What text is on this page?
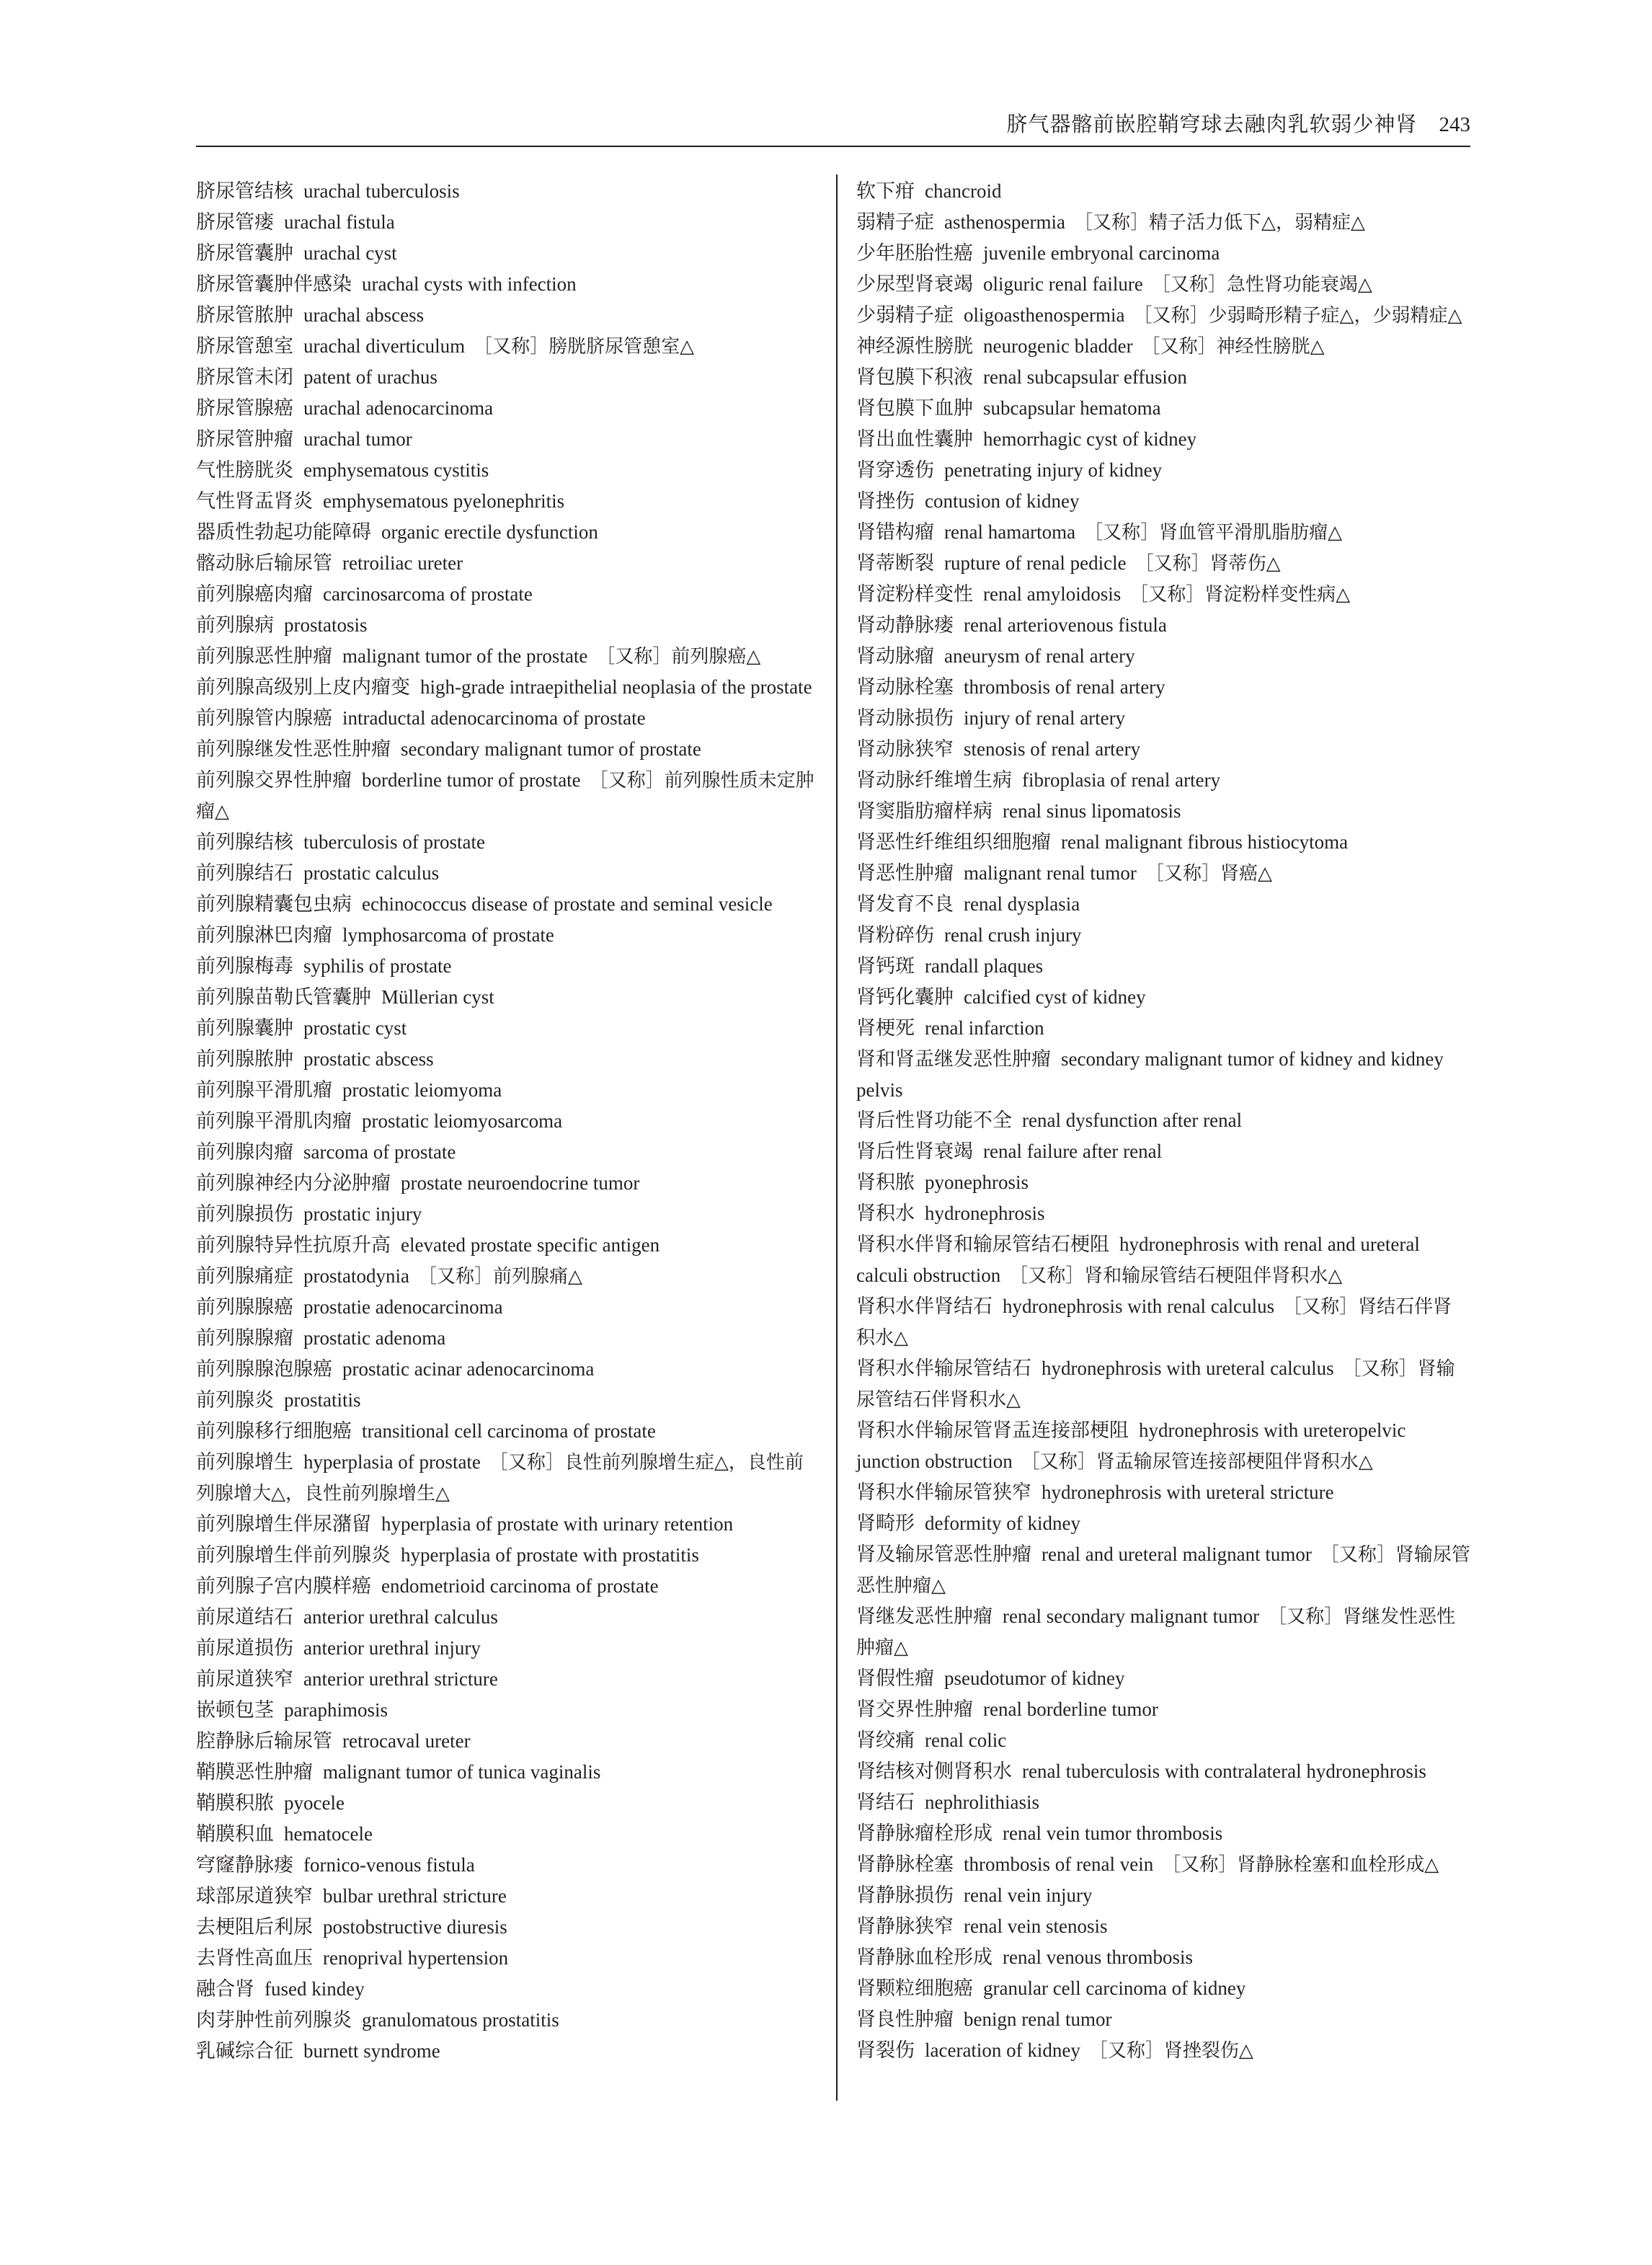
脐气器髂前嵌腔鞘穹球去融肉乳软弱少神肾 243
脐尿管结核 urachal tuberculosis
脐尿管瘘 urachal fistula
脐尿管囊肿 urachal cyst
脐尿管囊肿伴感染 urachal cysts with infection
脐尿管脓肿 urachal abscess
脐尿管憩室 urachal diverticulum ［又称］膀胱脐尿管憩室△
脐尿管未闭 patent of urachus
脐尿管腺癌 urachal adenocarcinoma
脐尿管肿瘤 urachal tumor
气性膀胱炎 emphysematous cystitis
气性肾盂肾炎 emphysematous pyelonephritis
器质性勃起功能障碍 organic erectile dysfunction
髂动脉后输尿管 retroiliac ureter
前列腺癌肉瘤 carcinosarcoma of prostate
前列腺病 prostatosis
前列腺恶性肿瘤 malignant tumor of the prostate ［又称］前列腺癌△
前列腺高级别上皮内瘤变 high-grade intraepithelial neoplasia of the prostate
前列腺管内腺癌 intraductal adenocarcinoma of prostate
前列腺继发性恶性肿瘤 secondary malignant tumor of prostate
前列腺交界性肿瘤 borderline tumor of prostate ［又称］前列腺性质未定肿瘤△
前列腺结核 tuberculosis of prostate
前列腺结石 prostatic calculus
前列腺精囊包虫病 echinococcus disease of prostate and seminal vesicle
前列腺淋巴肉瘤 lymphosarcoma of prostate
前列腺梅毒 syphilis of prostate
前列腺苗勒氏管囊肿 Müllerian cyst
前列腺囊肿 prostatic cyst
前列腺脓肿 prostatic abscess
前列腺平滑肌瘤 prostatic leiomyoma
前列腺平滑肌肉瘤 prostatic leiomyosarcoma
前列腺肉瘤 sarcoma of prostate
前列腺神经内分泌肿瘤 prostate neuroendocrine tumor
前列腺损伤 prostatic injury
前列腺特异性抗原升高 elevated prostate specific antigen
前列腺痛症 prostatodynia ［又称］前列腺痛△
前列腺腺癌 prostatie adenocarcinoma
前列腺腺瘤 prostatic adenoma
前列腺腺泡腺癌 prostatic acinar adenocarcinoma
前列腺炎 prostatitis
前列腺移行细胞癌 transitional cell carcinoma of prostate
前列腺增生 hyperplasia of prostate ［又称］良性前列腺增生症△，良性前列腺增大△，良性前列腺增生△
前列腺增生伴尿潴留 hyperplasia of prostate with urinary retention
前列腺增生伴前列腺炎 hyperplasia of prostate with prostatitis
前列腺子宫内膜样癌 endometrioid carcinoma of prostate
前尿道结石 anterior urethral calculus
前尿道损伤 anterior urethral injury
前尿道狭窄 anterior urethral stricture
嵌顿包茎 paraphimosis
腔静脉后输尿管 retrocaval ureter
鞘膜恶性肿瘤 malignant tumor of tunica vaginalis
鞘膜积脓 pyocele
鞘膜积血 hematocele
穹窿静脉瘘 fornico-venous fistula
球部尿道狭窄 bulbar urethral stricture
去梗阻后利尿 postobstructive diuresis
去肾性高血压 renoprival hypertension
融合肾 fused kindey
肉芽肿性前列腺炎 granulomatous prostatitis
乳碱综合征 burnett syndrome
软下疳 chancroid
弱精子症 asthenospermia ［又称］精子活力低下△，弱精症△
少年胚胎性癌 juvenile embryonal carcinoma
少尿型肾衰竭 oliguric renal failure ［又称］急性肾功能衰竭△
少弱精子症 oligoasthenospermia ［又称］少弱畸形精子症△，少弱精症△
神经源性膀胱 neurogenic bladder ［又称］神经性膀胱△
肾包膜下积液 renal subcapsular effusion
肾包膜下血肿 subcapsular hematoma
肾出血性囊肿 hemorrhagic cyst of kidney
肾穿透伤 penetrating injury of kidney
肾挫伤 contusion of kidney
肾错构瘤 renal hamartoma ［又称］肾血管平滑肌脂肪瘤△
肾蒂断裂 rupture of renal pedicle ［又称］肾蒂伤△
肾淀粉样变性 renal amyloidosis ［又称］肾淀粉样变性病△
肾动静脉瘘 renal arteriovenous fistula
肾动脉瘤 aneurysm of renal artery
肾动脉栓塞 thrombosis of renal artery
肾动脉损伤 injury of renal artery
肾动脉狭窄 stenosis of renal artery
肾动脉纤维增生病 fibroplasia of renal artery
肾窦脂肪瘤样病 renal sinus lipomatosis
肾恶性纤维组织细胞瘤 renal malignant fibrous histiocytoma
肾恶性肿瘤 malignant renal tumor ［又称］肾癌△
肾发育不良 renal dysplasia
肾粉碎伤 renal crush injury
肾钙斑 randall plaques
肾钙化囊肿 calcified cyst of kidney
肾梗死 renal infarction
肾和肾盂继发恶性肿瘤 secondary malignant tumor of kidney and kidney pelvis
肾后性肾功能不全 renal dysfunction after renal
肾后性肾衰竭 renal failure after renal
肾积脓 pyonephrosis
肾积水 hydronephrosis
肾积水伴肾和输尿管结石梗阻 hydronephrosis with renal and ureteral calculi obstruction ［又称］肾和输尿管结石梗阻伴肾积水△
肾积水伴肾结石 hydronephrosis with renal calculus ［又称］肾结石伴肾积水△
肾积水伴输尿管结石 hydronephrosis with ureteral calculus ［又称］肾输尿管结石伴肾积水△
肾积水伴输尿管肾盂连接部梗阻 hydronephrosis with ureteropelvic junction obstruction ［又称］肾盂输尿管连接部梗阻伴肾积水△
肾积水伴输尿管狭窄 hydronephrosis with ureteral stricture
肾畸形 deformity of kidney
肾及输尿管恶性肿瘤 renal and ureteral malignant tumor ［又称］肾输尿管恶性肿瘤△
肾继发恶性肿瘤 renal secondary malignant tumor ［又称］肾继发性恶性肿瘤△
肾假性瘤 pseudotumor of kidney
肾交界性肿瘤 renal borderline tumor
肾绞痛 renal colic
肾结核对侧肾积水 renal tuberculosis with contralateral hydronephrosis
肾结石 nephrolithiasis
肾静脉瘤栓形成 renal vein tumor thrombosis
肾静脉栓塞 thrombosis of renal vein ［又称］肾静脉栓塞和血栓形成△
肾静脉损伤 renal vein injury
肾静脉狭窄 renal vein stenosis
肾静脉血栓形成 renal venous thrombosis
肾颗粒细胞癌 granular cell carcinoma of kidney
肾良性肿瘤 benign renal tumor
肾裂伤 laceration of kidney ［又称］肾挫裂伤△
